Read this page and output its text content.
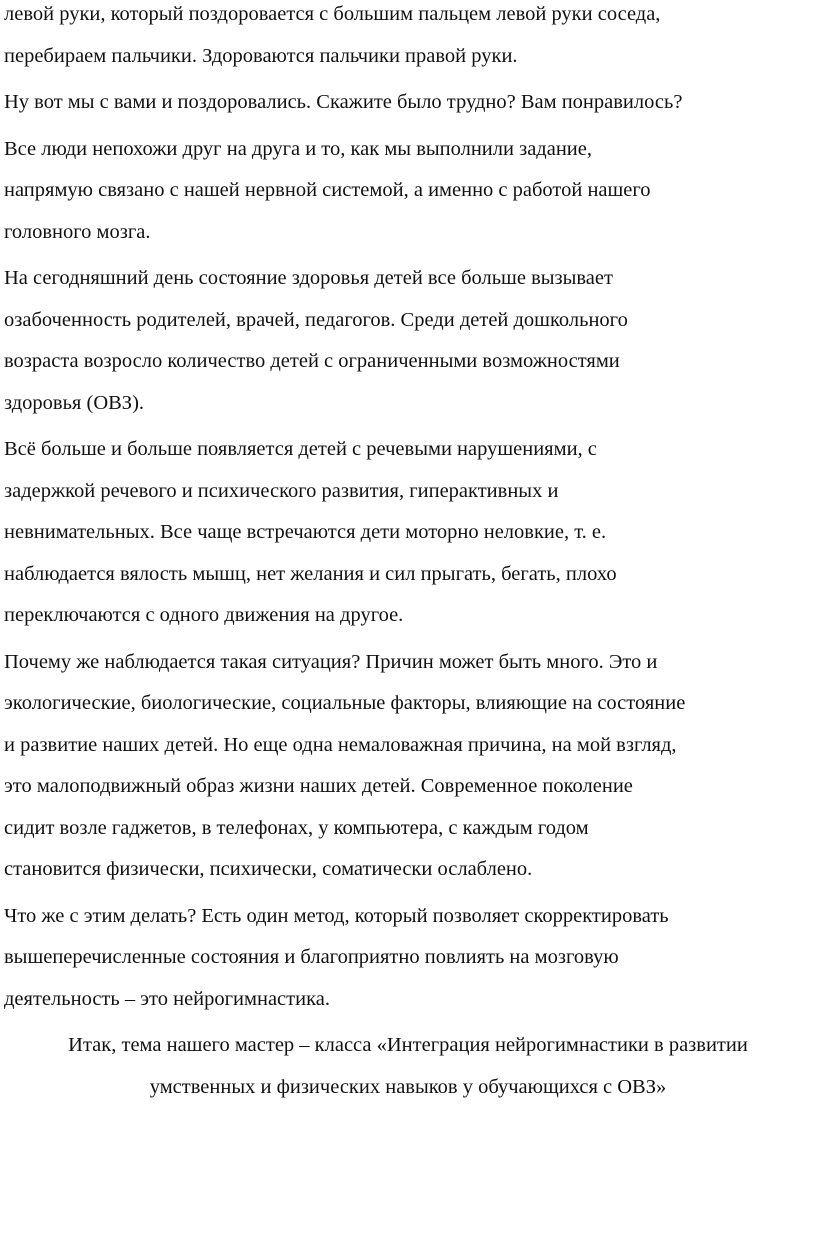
левой руки, который поздоровается с большим пальцем левой руки соседа,
перебираем пальчики. Здороваются пальчики правой руки.

Ну вот мы с вами и поздоровались. Скажите было трудно? Вам понравилось?

Все люди непохожи друг на друга и то, как мы выполнили задание,
напрямую связано с нашей нервной системой, а именно с работой нашего
головного мозга.

На сегодняшний день состояние здоровья детей все больше вызывает
озабоченность родителей, врачей, педагогов. Среди детей дошкольного
возраста возросло количество детей с ограниченными возможностями
здоровья (ОВЗ).

Всё больше и больше появляется детей с речевыми нарушениями, с
задержкой речевого и психического развития, гиперактивных и
невнимательных. Все чаще встречаются дети моторно неловкие, т. е.
наблюдается вялость мышц, нет желания и сил прыгать, бегать, плохо
переключаются с одного движения на другое.

Почему же наблюдается такая ситуация? Причин может быть много. Это и
экологические, биологические, социальные факторы, влияющие на состояние
и развитие наших детей. Но еще одна немаловажная причина, на мой взгляд,
это малоподвижный образ жизни наших детей. Современное поколение
сидит возле гаджетов, в телефонах, у компьютера, с каждым годом
становится физически, психически, соматически ослаблено.

Что же с этим делать? Есть один метод, который позволяет скорректировать
вышеперечисленные состояния и благоприятно повлиять на мозговую
деятельность – это нейрогимнастика.

Итак, тема нашего мастер – класса «Интеграция нейрогимнастики в развитии
умственных и физических навыков у обучающихся с ОВЗ»
